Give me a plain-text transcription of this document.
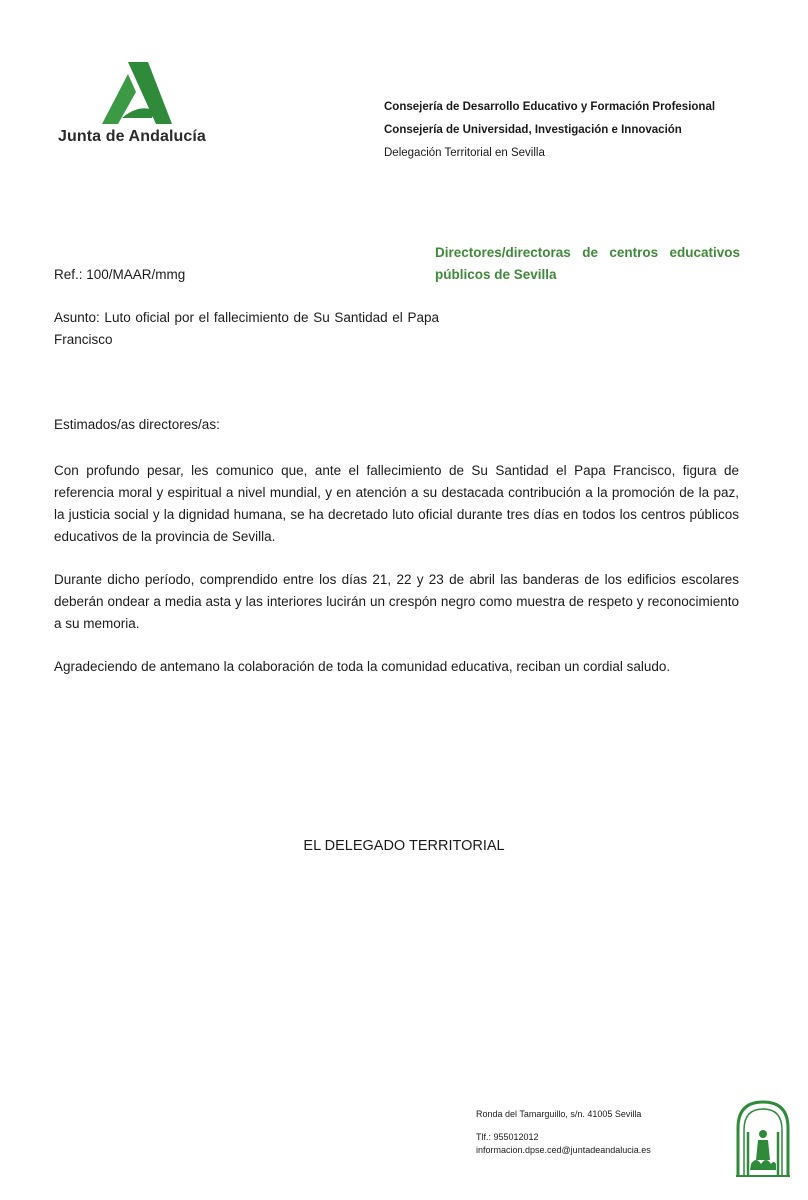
Junta de Andalucía
Consejería de Desarrollo Educativo y Formación Profesional
Consejería de Universidad, Investigación e Innovación
Delegación Territorial en Sevilla
Directores/directoras de centros educativos públicos de Sevilla
Ref.: 100/MAAR/mmg
Asunto: Luto oficial por el fallecimiento de Su Santidad el Papa Francisco
Estimados/as directores/as:
Con profundo pesar, les comunico que, ante el fallecimiento de Su Santidad el Papa Francisco, figura de referencia moral y espiritual a nivel mundial, y en atención a su destacada contribución a la promoción de la paz, la justicia social y la dignidad humana, se ha decretado luto oficial durante tres días en todos los centros públicos educativos de la provincia de Sevilla.
Durante dicho período, comprendido entre los días 21, 22 y 23 de abril las banderas de los edificios escolares deberán ondear a media asta y las interiores lucirán un crespón negro como muestra de respeto y reconocimiento a su memoria.
Agradeciendo de antemano la colaboración de toda la comunidad educativa, reciban un cordial saludo.
EL DELEGADO TERRITORIAL
Ronda del Tamarguillo, s/n. 41005 Sevilla
Tlf.: 955012012
informacion.dpse.ced@juntadeandalucia.es
